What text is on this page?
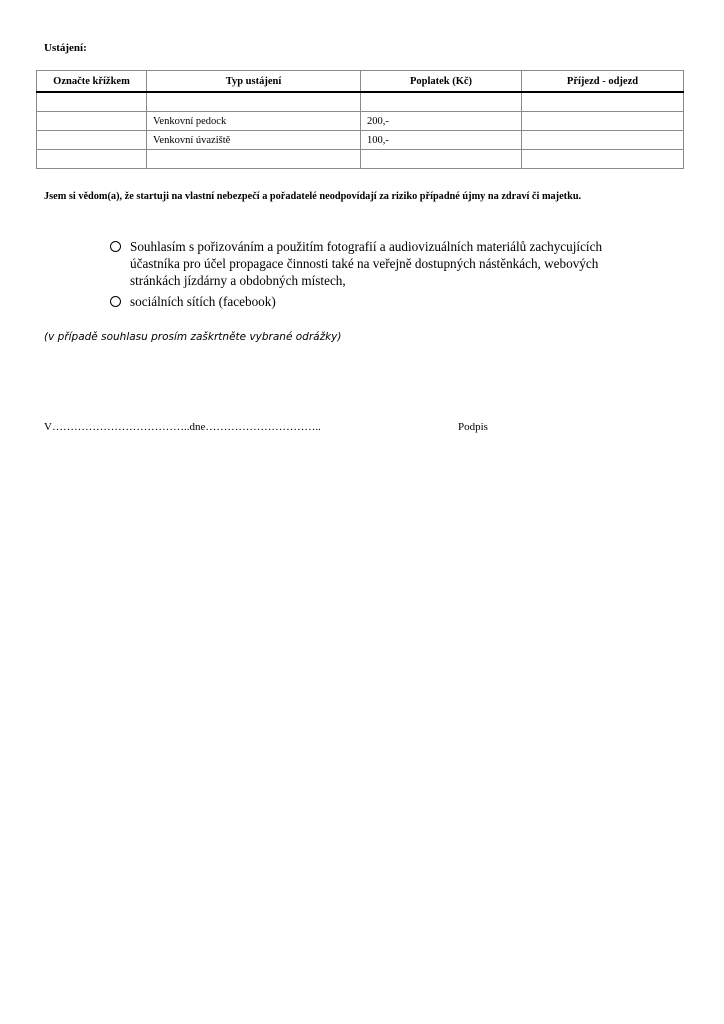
Ustájení:
Označte křížkem	Typ ustájení	Poplatek (Kč)	Příjezd - odjezd

	Venkovní pedock	200,-	
	Venkovní úvaziště	100,-	

Jsem si vědom(a), že startuji na vlastní nebezpečí a pořadatelé neodpovídají za riziko případné újmy na zdraví či majetku.
Souhlasím s pořizováním a použitím fotografií a audiovizuálních materiálů zachycujících
účastníka pro účel propagace činnosti také na veřejně dostupných nástěnkách, webových
stránkách jízdárny a obdobných místech,
sociálních sítích (facebook)
(v případě souhlasu prosím zaškrtněte vybrané odrážky)
V………………………………..dne…………………………..	Podpis
